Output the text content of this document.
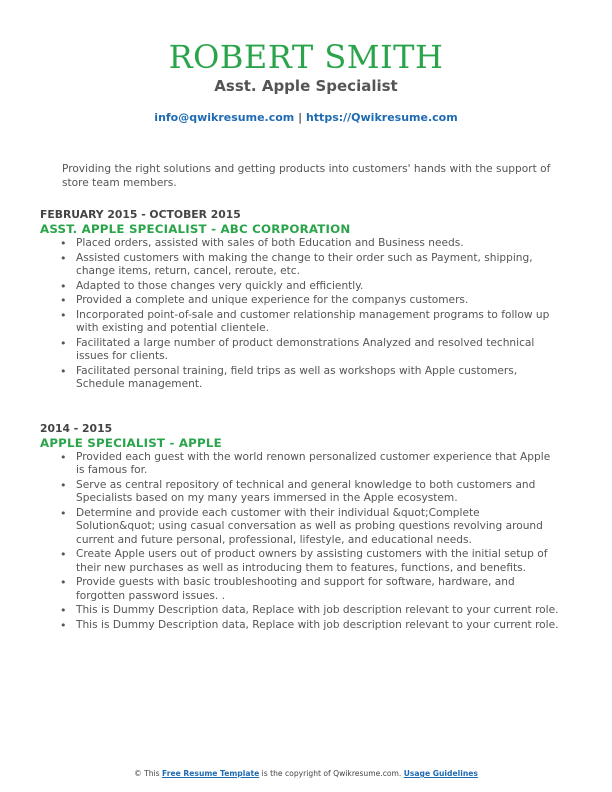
ROBERT SMITH
Asst. Apple Specialist
info@qwikresume.com | https://Qwikresume.com
Providing the right solutions and getting products into customers' hands with the support of store team members.
FEBRUARY 2015 - OCTOBER 2015
ASST. APPLE SPECIALIST - ABC CORPORATION
• Placed orders, assisted with sales of both Education and Business needs.
• Assisted customers with making the change to their order such as Payment, shipping, change items, return, cancel, reroute, etc.
• Adapted to those changes very quickly and efficiently.
• Provided a complete and unique experience for the companys customers.
• Incorporated point-of-sale and customer relationship management programs to follow up with existing and potential clientele.
• Facilitated a large number of product demonstrations Analyzed and resolved technical issues for clients.
• Facilitated personal training, field trips as well as workshops with Apple customers, Schedule management.
2014 - 2015
APPLE SPECIALIST - APPLE
• Provided each guest with the world renown personalized customer experience that Apple is famous for.
• Serve as central repository of technical and general knowledge to both customers and Specialists based on my many years immersed in the Apple ecosystem.
• Determine and provide each customer with their individual &quot;Complete Solution&quot; using casual conversation as well as probing questions revolving around current and future personal, professional, lifestyle, and educational needs.
• Create Apple users out of product owners by assisting customers with the initial setup of their new purchases as well as introducing them to features, functions, and benefits.
• Provide guests with basic troubleshooting and support for software, hardware, and forgotten password issues. .
• This is Dummy Description data, Replace with job description relevant to your current role.
• This is Dummy Description data, Replace with job description relevant to your current role.
© This Free Resume Template is the copyright of Qwikresume.com. Usage Guidelines
